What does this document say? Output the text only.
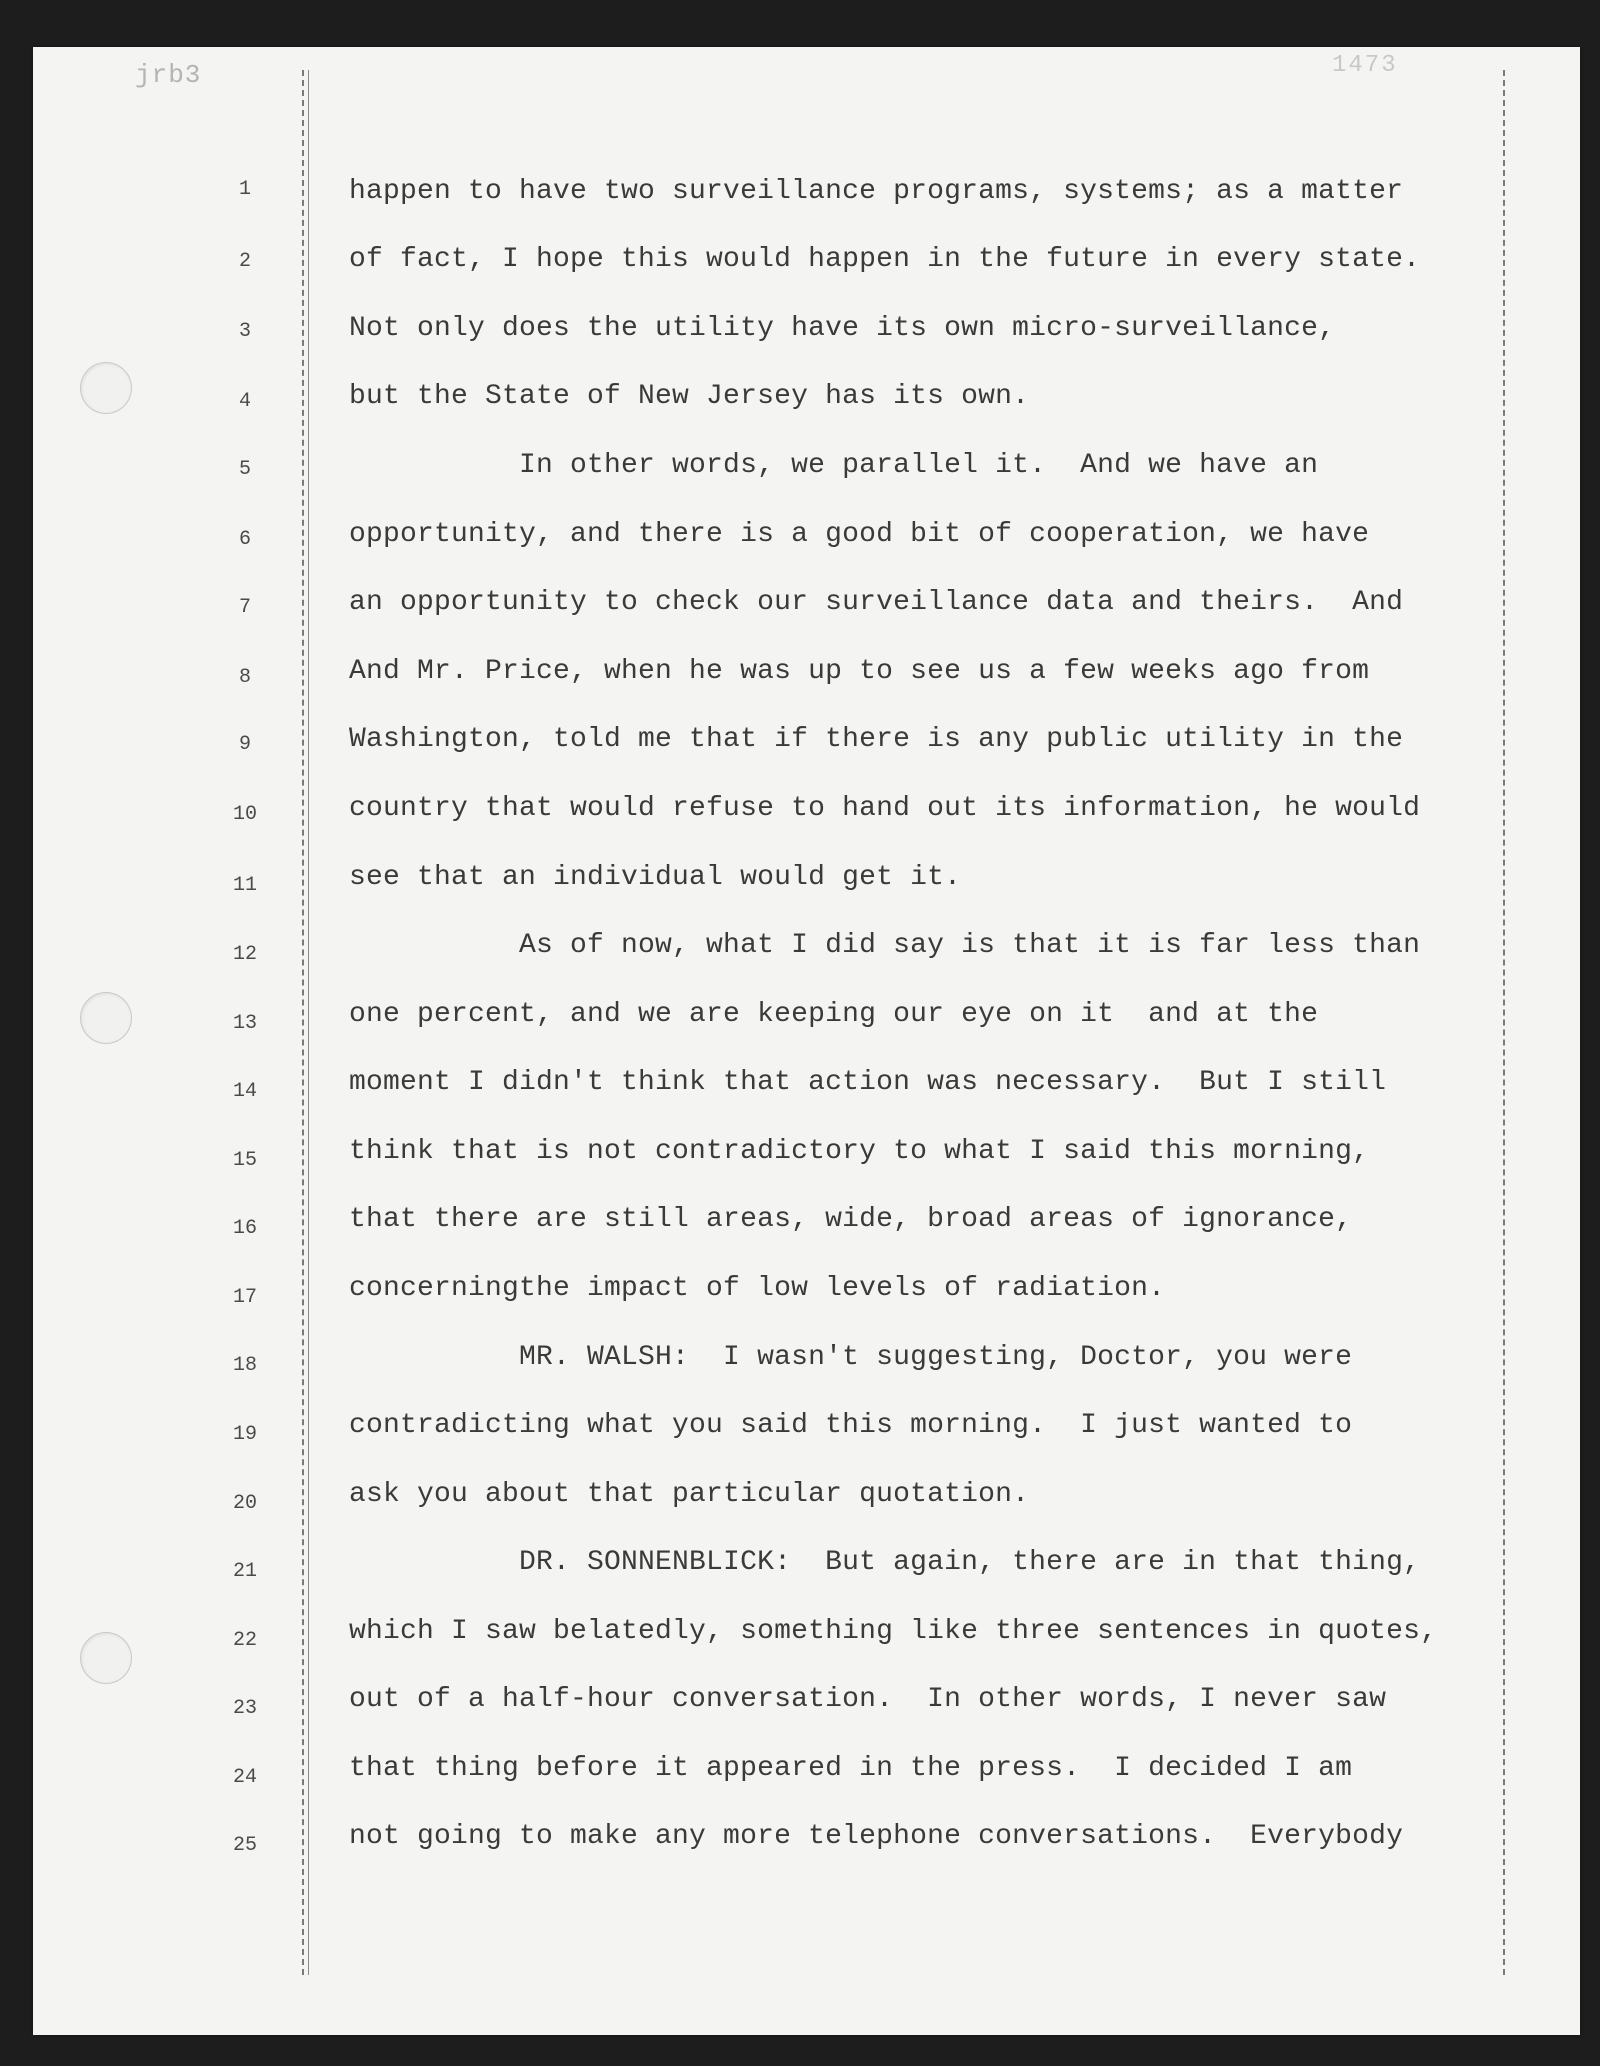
jrb3	1473
1	happen to have two surveillance programs, systems; as a matter
2	of fact, I hope this would happen in the future in every state.
3	Not only does the utility have its own micro-surveillance,
4	but the State of New Jersey has its own.
5	In other words, we parallel it.  And we have an
6	opportunity, and there is a good bit of cooperation, we have
7	an opportunity to check our surveillance data and theirs.  And
8	And Mr. Price, when he was up to see us a few weeks ago from
9	Washington, told me that if there is any public utility in the
10	country that would refuse to hand out its information, he would
11	see that an individual would get it.
12	As of now, what I did say is that it is far less than
13	one percent, and we are keeping our eye on it  and at the
14	moment I didn't think that action was necessary.  But I still
15	think that is not contradictory to what I said this morning,
16	that there are still areas, wide, broad areas of ignorance,
17	concerningthe impact of low levels of radiation.
18	MR. WALSH:  I wasn't suggesting, Doctor, you were
19	contradicting what you said this morning.  I just wanted to
20	ask you about that particular quotation.
21	DR. SONNENBLICK:  But again, there are in that thing,
22	which I saw belatedly, something like three sentences in quotes,
23	out of a half-hour conversation.  In other words, I never saw
24	that thing before it appeared in the press.  I decided I am
25	not going to make any more telephone conversations.  Everybody
